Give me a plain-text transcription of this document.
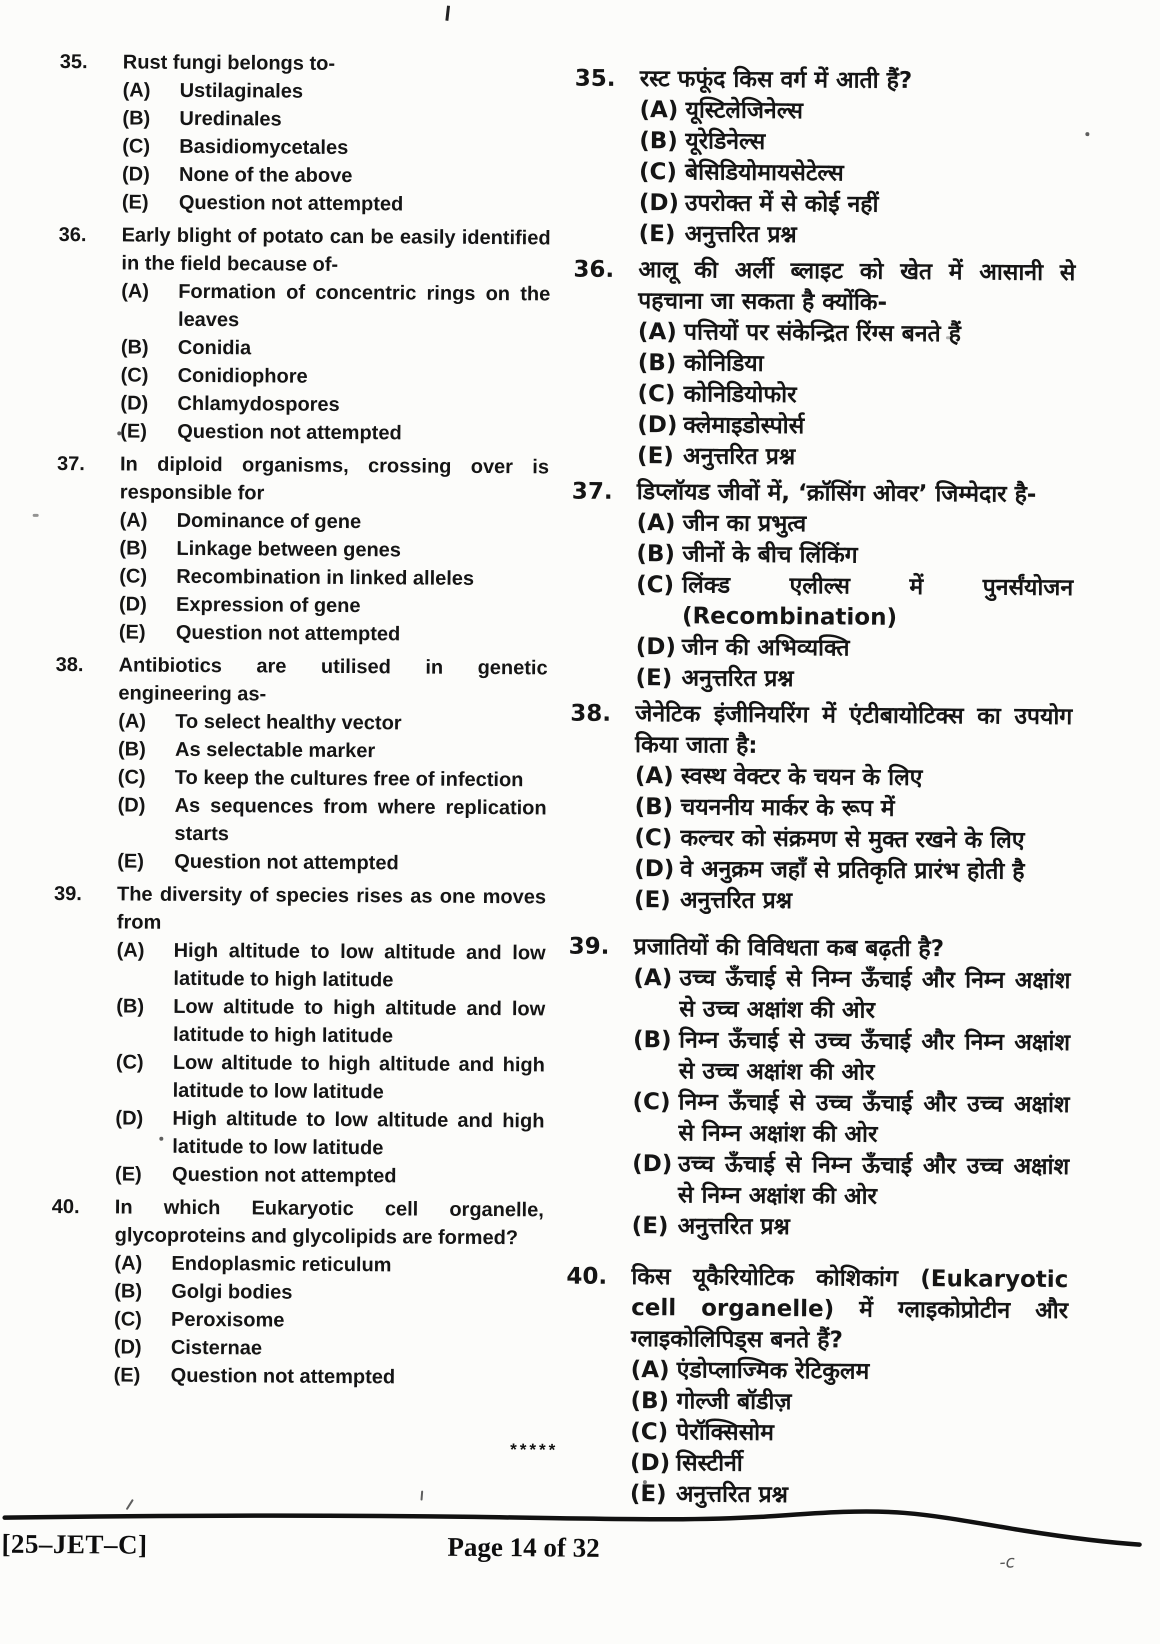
35.	Rust fungi belongs to-
(A)	Ustilaginales
(B)	Uredinales
(C)	Basidiomycetales
(D)	None of the above
(E)	Question not attempted
36.	Early blight of potato can be easily identified in the field because of-
(A)	Formation of concentric rings on the leaves
(B)	Conidia
(C)	Conidiophore
(D)	Chlamydospores
(E)	Question not attempted
37.	In diploid organisms, crossing over is responsible for
(A)	Dominance of gene
(B)	Linkage between genes
(C)	Recombination in linked alleles
(D)	Expression of gene
(E)	Question not attempted
38.	Antibiotics are utilised in genetic engineering as-
(A)	To select healthy vector
(B)	As selectable marker
(C)	To keep the cultures free of infection
(D)	As sequences from where replication starts
(E)	Question not attempted
39.	The diversity of species rises as one moves from
(A)	High altitude to low altitude and low latitude to high latitude
(B)	Low altitude to high altitude and low latitude to high latitude
(C)	Low altitude to high altitude and high latitude to low latitude
(D)	High altitude to low altitude and high latitude to low latitude
(E)	Question not attempted
40.	In which Eukaryotic cell organelle, glycoproteins and glycolipids are formed?
(A)	Endoplasmic reticulum
(B)	Golgi bodies
(C)	Peroxisome
(D)	Cisternae
(E)	Question not attempted
35.	रस्ट फफूंद किस वर्ग में आती हैं?
(A) यूस्टिलेजिनेल्स
(B) यूरेडिनेल्स
(C) बेसिडियोमायसेटेल्स
(D) उपरोक्त में से कोई नहीं
(E) अनुत्तरित प्रश्न
36.	आलू की अर्ली ब्लाइट को खेत में आसानी से पहचाना जा सकता है क्योंकि-
(A) पत्तियों पर संकेन्द्रित रिंग्स बनते हैं
(B) कोनिडिया
(C) कोनिडियोफोर
(D) क्लेमाइडोस्पोर्स
(E) अनुत्तरित प्रश्न
37.	डिप्लॉयड जीवों में, ‘क्रॉसिंग ओवर’ जिम्मेदार है-
(A) जीन का प्रभुत्व
(B) जीनों के बीच लिंकिंग
(C) लिंक्ड एलील्स में पुनर्संयोजन (Recombination)
(D) जीन की अभिव्यक्ति
(E) अनुत्तरित प्रश्न
38.	जेनेटिक इंजीनियरिंग में एंटीबायोटिक्स का उपयोग किया जाता है:
(A) स्वस्थ वेक्टर के चयन के लिए
(B) चयननीय मार्कर के रूप में
(C) कल्चर को संक्रमण से मुक्त रखने के लिए
(D) वे अनुक्रम जहाँ से प्रतिकृति प्रारंभ होती है
(E) अनुत्तरित प्रश्न
39.	प्रजातियों की विविधता कब बढ़ती है?
(A) उच्च ऊँचाई से निम्न ऊँचाई और निम्न अक्षांश से उच्च अक्षांश की ओर
(B) निम्न ऊँचाई से उच्च ऊँचाई और निम्न अक्षांश से उच्च अक्षांश की ओर
(C) निम्न ऊँचाई से उच्च ऊँचाई और उच्च अक्षांश से निम्न अक्षांश की ओर
(D) उच्च ऊँचाई से निम्न ऊँचाई और उच्च अक्षांश से निम्न अक्षांश की ओर
(E) अनुत्तरित प्रश्न
40.	किस यूकैरियोटिक कोशिकांग (Eukaryotic cell organelle) में ग्लाइकोप्रोटीन और ग्लाइकोलिपिड्स बनते हैं?
(A) एंडोप्लाज्मिक रेटिकुलम
(B) गोल्जी बॉडीज़
(C) पेरॉक्सिसोम
(D) सिस्टीर्नी
(E) अनुत्तरित प्रश्न
*****
[25–JET–C]	Page 14 of 32	-c
